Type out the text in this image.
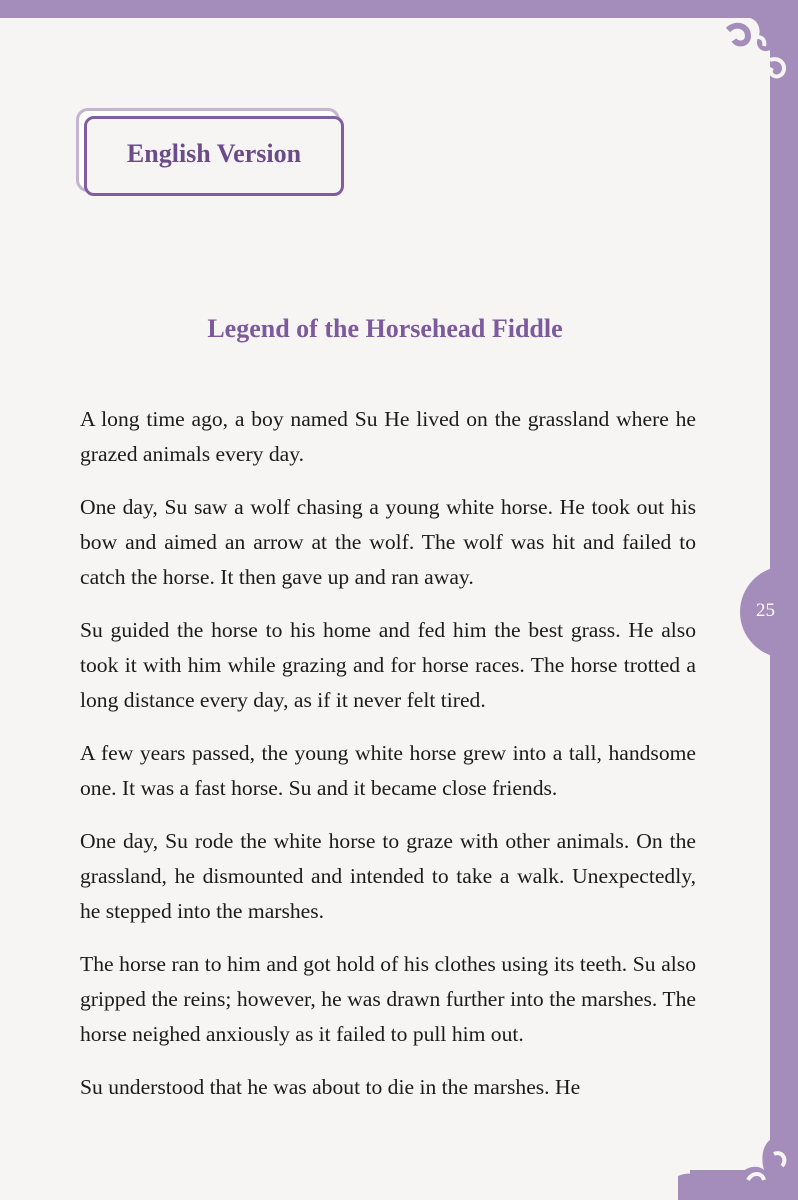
25
English Version
Legend of the Horsehead Fiddle

A long time ago, a boy named Su He lived on the grassland where he grazed animals every day.

One day, Su saw a wolf chasing a young white horse. He took out his bow and aimed an arrow at the wolf. The wolf was hit and failed to catch the horse. It then gave up and ran away.

Su guided the horse to his home and fed him the best grass. He also took it with him while grazing and for horse races. The horse trotted a long distance every day, as if it never felt tired.

A few years passed, the young white horse grew into a tall, handsome one. It was a fast horse. Su and it became close friends.

One day, Su rode the white horse to graze with other animals. On the grassland, he dismounted and intended to take a walk. Unexpectedly, he stepped into the marshes.

The horse ran to him and got hold of his clothes using its teeth. Su also gripped the reins; however, he was drawn further into the marshes. The horse neighed anxiously as it failed to pull him out.

Su understood that he was about to die in the marshes. He
